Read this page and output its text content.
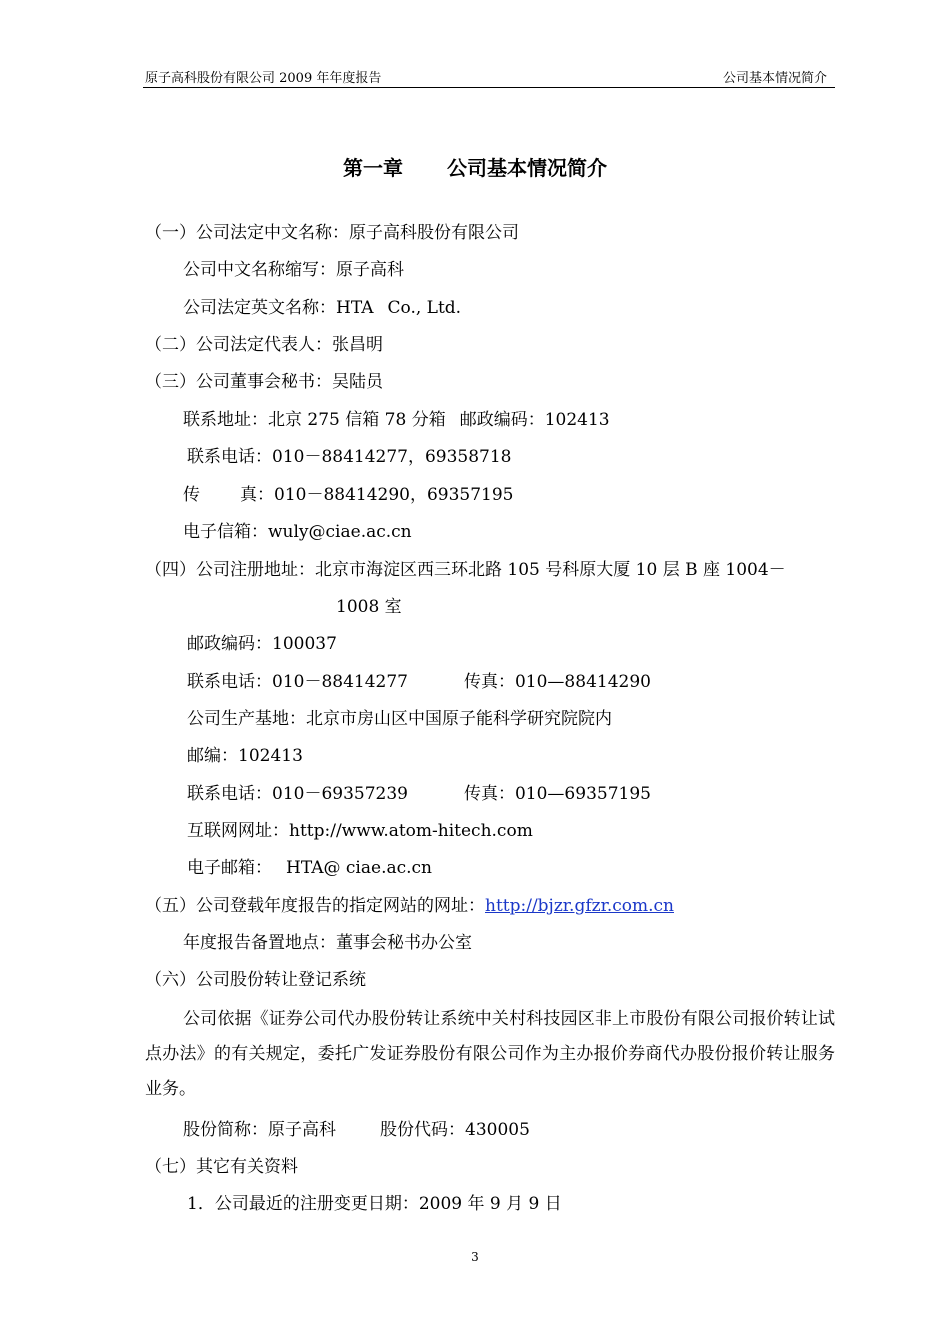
原子高科股份有限公司 2009 年年度报告	公司基本情况简介
第一章 公司基本情况简介
（一）公司法定中文名称：原子高科股份有限公司
公司中文名称缩写：原子高科
公司法定英文名称：HTA Co., Ltd.
（二）公司法定代表人：张昌明
（三）公司董事会秘书：吴陆员
联系地址：北京 275 信箱 78 分箱 邮政编码：102413
联系电话：010－88414277，69358718
传 真：010－88414290，69357195
电子信箱：wuly@ciae.ac.cn
（四）公司注册地址：北京市海淀区西三环北路 105 号科原大厦 10 层 B 座 1004－
1008 室
邮政编码：100037
联系电话：010－88414277	传真：010—88414290
公司生产基地：北京市房山区中国原子能科学研究院院内
邮编：102413
联系电话：010－69357239	传真：010—69357195
互联网网址：http://www.atom-hitech.com
电子邮箱： HTA@ ciae.ac.cn
（五）公司登载年度报告的指定网站的网址：http://bjzr.gfzr.com.cn
年度报告备置地点：董事会秘书办公室
（六）公司股份转让登记系统
公司依据《证券公司代办股份转让系统中关村科技园区非上市股份有限公司报价转让试点办法》的有关规定，委托广发证券股份有限公司作为主办报价券商代办股份报价转让服务业务。
股份简称：原子高科	股份代码：430005
（七）其它有关资料
1．公司最近的注册变更日期：2009 年 9 月 9 日
3
